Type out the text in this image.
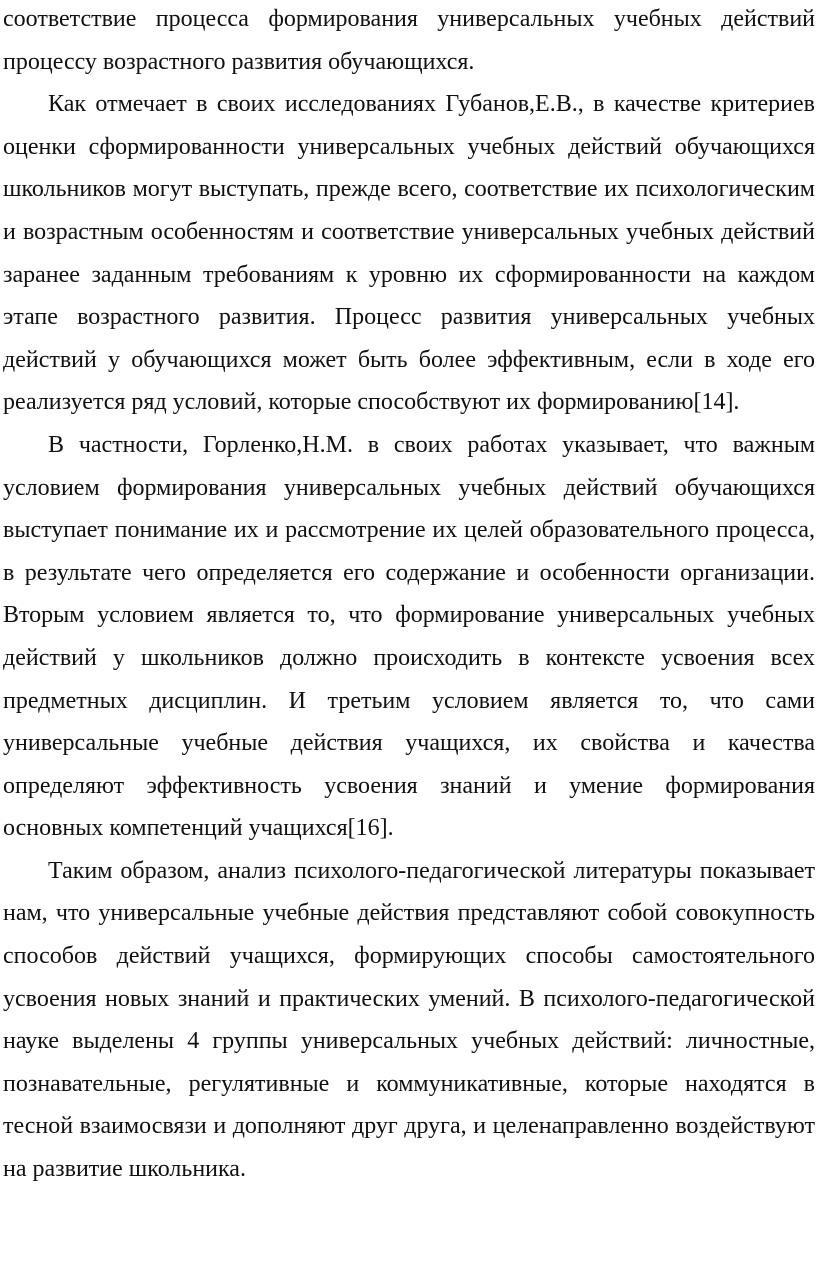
соответствие процесса формирования универсальных учебных действий процессу возрастного развития обучающихся.

Как отмечает в своих исследованиях Губанов,Е.В., в качестве критериев оценки сформированности универсальных учебных действий обучающихся школьников могут выступать, прежде всего, соответствие их психологическим и возрастным особенностям и соответствие универсальных учебных действий заранее заданным требованиям к уровню их сформированности на каждом этапе возрастного развития. Процесс развития универсальных учебных действий у обучающихся может быть более эффективным, если в ходе его реализуется ряд условий, которые способствуют их формированию[14].

В частности, Горленко,Н.М. в своих работах указывает, что важным условием формирования универсальных учебных действий обучающихся выступает понимание их и рассмотрение их целей образовательного процесса, в результате чего определяется его содержание и особенности организации. Вторым условием является то, что формирование универсальных учебных действий у школьников должно происходить в контексте усвоения всех предметных дисциплин. И третьим условием является то, что сами универсальные учебные действия учащихся, их свойства и качества определяют эффективность усвоения знаний и умение формирования основных компетенций учащихся[16].

Таким образом, анализ психолого-педагогической литературы показывает нам, что универсальные учебные действия представляют собой совокупность способов действий учащихся, формирующих способы самостоятельного усвоения новых знаний и практических умений. В психолого-педагогической науке выделены 4 группы универсальных учебных действий: личностные, познавательные, регулятивные и коммуникативные, которые находятся в тесной взаимосвязи и дополняют друг друга, и целенаправленно воздействуют на развитие школьника.
